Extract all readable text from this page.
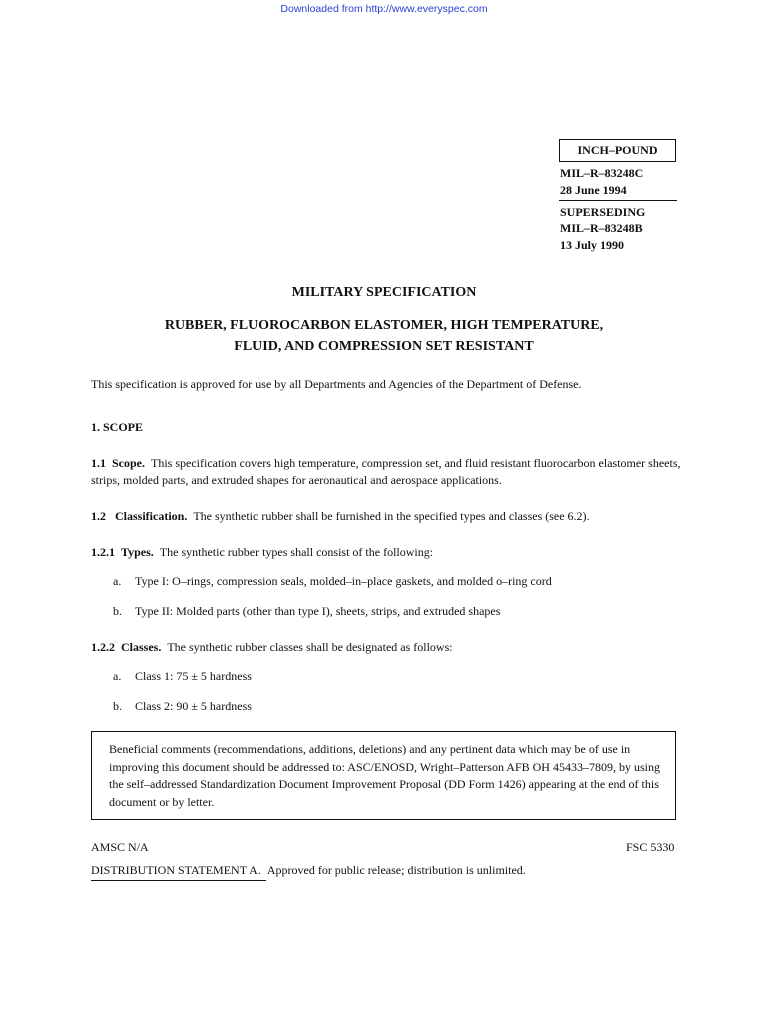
Downloaded from http://www.everyspec.com
INCH–POUND
MIL–R–83248C
28 June 1994
SUPERSEDING
MIL–R–83248B
13 July 1990
MILITARY SPECIFICATION
RUBBER, FLUOROCARBON ELASTOMER, HIGH TEMPERATURE,
FLUID, AND COMPRESSION SET RESISTANT
This specification is approved for use by all Departments and Agencies of the Department of Defense.
1. SCOPE
1.1 Scope. This specification covers high temperature, compression set, and fluid resistant fluorocarbon elastomer sheets, strips, molded parts, and extruded shapes for aeronautical and aerospace applications.
1.2 Classification. The synthetic rubber shall be furnished in the specified types and classes (see 6.2).
1.2.1 Types. The synthetic rubber types shall consist of the following:
a. Type I: O–rings, compression seals, molded–in–place gaskets, and molded o–ring cord
b. Type II: Molded parts (other than type I), sheets, strips, and extruded shapes
1.2.2 Classes. The synthetic rubber classes shall be designated as follows:
a. Class 1: 75 ± 5 hardness
b. Class 2: 90 ± 5 hardness
Beneficial comments (recommendations, additions, deletions) and any pertinent data which may be of use in improving this document should be addressed to: ASC/ENOSD, Wright–Patterson AFB OH 45433–7809, by using the self–addressed Standardization Document Improvement Proposal (DD Form 1426) appearing at the end of this document or by letter.
AMSC N/A	FSC 5330
DISTRIBUTION STATEMENT A. Approved for public release; distribution is unlimited.
